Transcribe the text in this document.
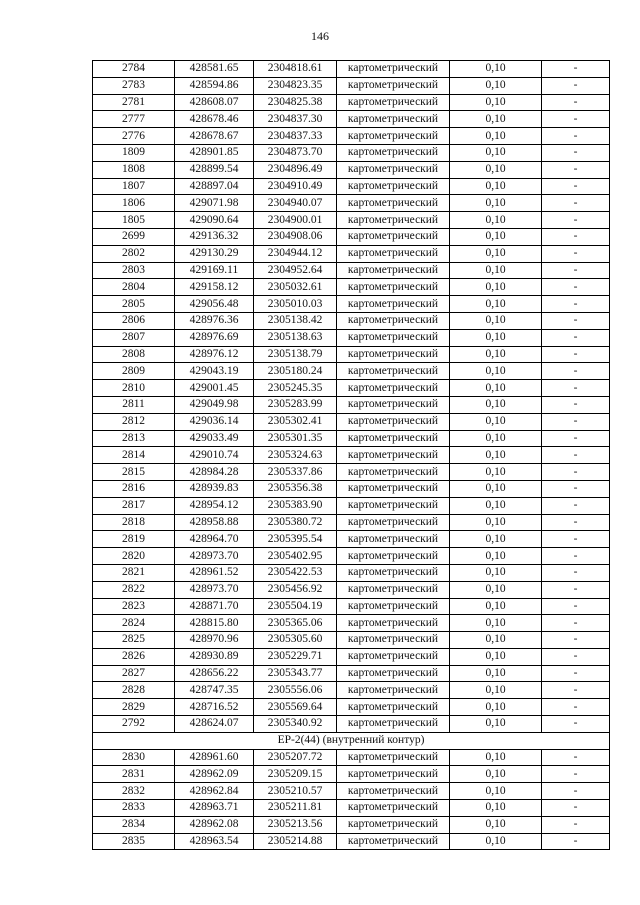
146
2784	428581.65	2304818.61	картометрический	0,10	-
2783	428594.86	2304823.35	картометрический	0,10	-
2781	428608.07	2304825.38	картометрический	0,10	-
2777	428678.46	2304837.30	картометрический	0,10	-
2776	428678.67	2304837.33	картометрический	0,10	-
1809	428901.85	2304873.70	картометрический	0,10	-
1808	428899.54	2304896.49	картометрический	0,10	-
1807	428897.04	2304910.49	картометрический	0,10	-
1806	429071.98	2304940.07	картометрический	0,10	-
1805	429090.64	2304900.01	картометрический	0,10	-
2699	429136.32	2304908.06	картометрический	0,10	-
2802	429130.29	2304944.12	картометрический	0,10	-
2803	429169.11	2304952.64	картометрический	0,10	-
2804	429158.12	2305032.61	картометрический	0,10	-
2805	429056.48	2305010.03	картометрический	0,10	-
2806	428976.36	2305138.42	картометрический	0,10	-
2807	428976.69	2305138.63	картометрический	0,10	-
2808	428976.12	2305138.79	картометрический	0,10	-
2809	429043.19	2305180.24	картометрический	0,10	-
2810	429001.45	2305245.35	картометрический	0,10	-
2811	429049.98	2305283.99	картометрический	0,10	-
2812	429036.14	2305302.41	картометрический	0,10	-
2813	429033.49	2305301.35	картометрический	0,10	-
2814	429010.74	2305324.63	картометрический	0,10	-
2815	428984.28	2305337.86	картометрический	0,10	-
2816	428939.83	2305356.38	картометрический	0,10	-
2817	428954.12	2305383.90	картометрический	0,10	-
2818	428958.88	2305380.72	картометрический	0,10	-
2819	428964.70	2305395.54	картометрический	0,10	-
2820	428973.70	2305402.95	картометрический	0,10	-
2821	428961.52	2305422.53	картометрический	0,10	-
2822	428973.70	2305456.92	картометрический	0,10	-
2823	428871.70	2305504.19	картометрический	0,10	-
2824	428815.80	2305365.06	картометрический	0,10	-
2825	428970.96	2305305.60	картометрический	0,10	-
2826	428930.89	2305229.71	картометрический	0,10	-
2827	428656.22	2305343.77	картометрический	0,10	-
2828	428747.35	2305556.06	картометрический	0,10	-
2829	428716.52	2305569.64	картометрический	0,10	-
2792	428624.07	2305340.92	картометрический	0,10	-
ЕР-2(44) (внутренний контур)					
2830	428961.60	2305207.72	картометрический	0,10	-
2831	428962.09	2305209.15	картометрический	0,10	-
2832	428962.84	2305210.57	картометрический	0,10	-
2833	428963.71	2305211.81	картометрический	0,10	-
2834	428962.08	2305213.56	картометрический	0,10	-
2835	428963.54	2305214.88	картометрический	0,10	-
